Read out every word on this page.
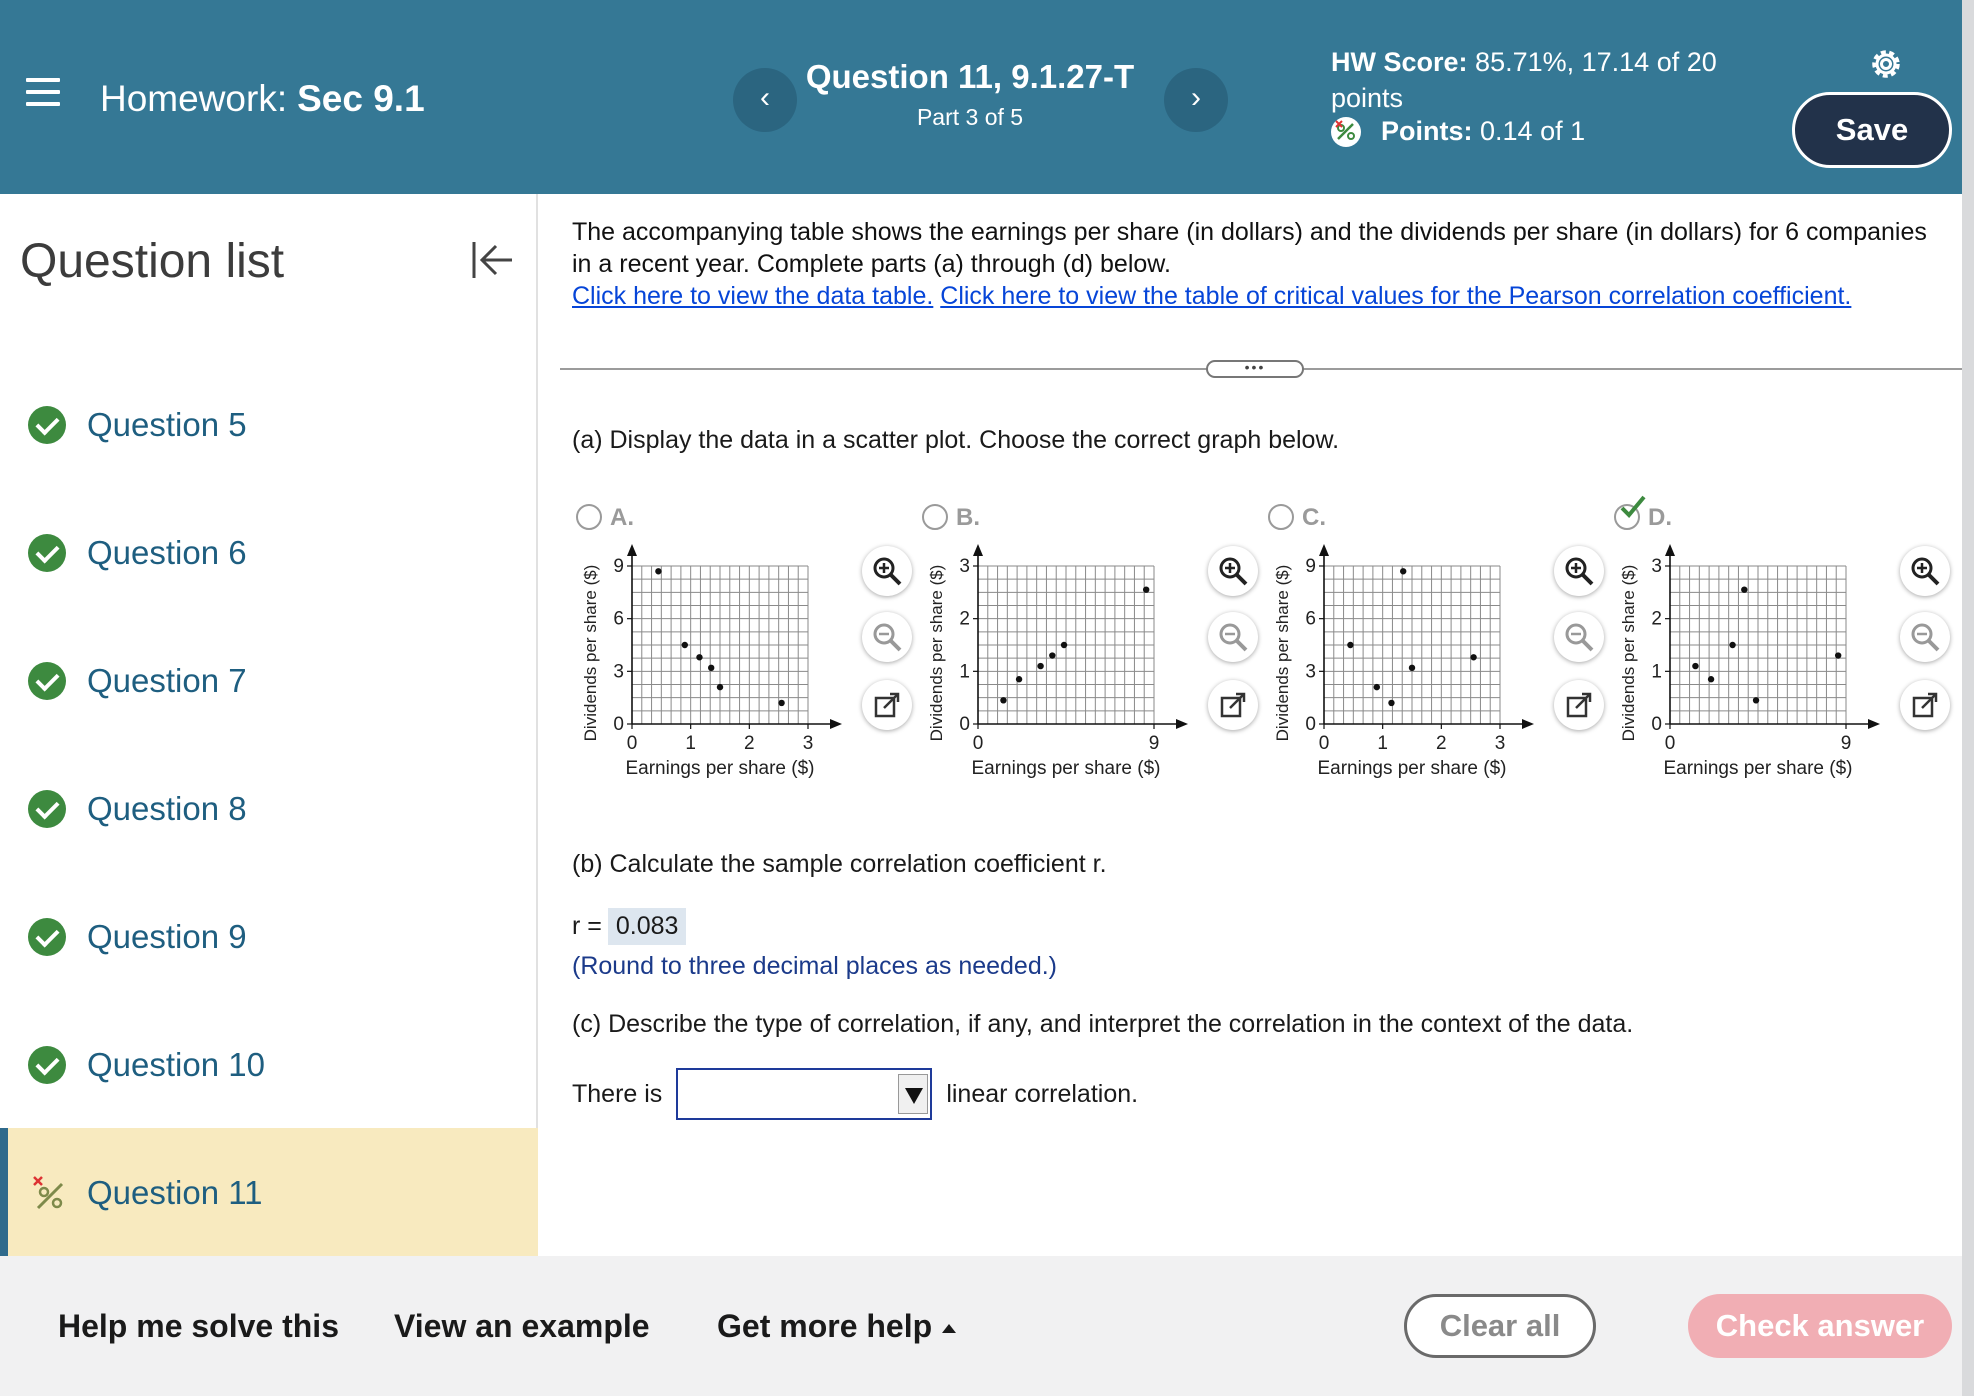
Homework: Sec 9.1	‹
Question 11, 9.1.27-T
Part 3 of 5
›
HW Score: 85.71%, 17.14 of 20 points
Points:
0.14 of 1	Save
Question list
Question 5
Question 6
Question 7
Question 8
Question 9
Question 10
Question 11
The accompanying table shows the earnings per share (in dollars) and the dividends per share (in dollars) for 6 companies in a recent year. Complete parts (a) through (d) below.
Click here to view the data table. Click here to view the table of critical values for the Pearson correlation coefficient.
•••
(a) Display the data in a scatter plot. Choose the correct graph below.
A.
0	1	2	3
0
3
6
9
Earnings per share ($)
Dividends per share ($)
B.
0	9
0
1
2
3
Earnings per share ($)
Dividends per share ($)
C.
0	1	2	3
0
3
6
9
Earnings per share ($)
Dividends per share ($)
D.
0	9
0
1
2
3
Earnings per share ($)
Dividends per share ($)
(b) Calculate the sample correlation coefficient r.
r = 0.083
(Round to three decimal places as needed.)
(c) Describe the type of correlation, if any, and interpret the correlation in the context of the data.
There is	linear correlation.
Help me solve this View an example Get more help	Clear all	Check answer
